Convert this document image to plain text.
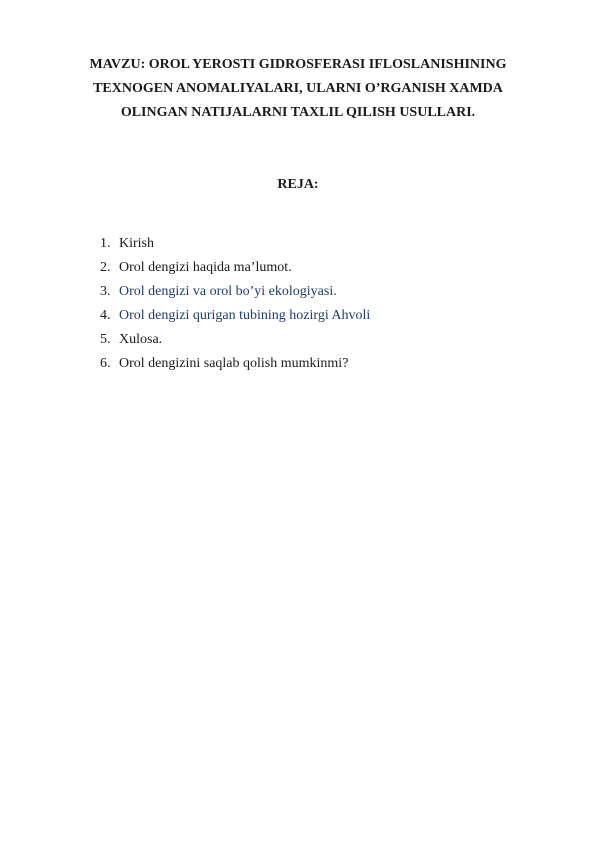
MAVZU: OROL YEROSTI GIDROSFERASI IFLOSLANISHINING
TEXNOGEN ANOMALIYALARI, ULARNI O’RGANISH XAMDA
OLINGAN NATIJALARNI TAXLIL QILISH USULLARI.
REJA:
1. Kirish
2. Orol dengizi haqida ma’lumot.
3. Orol dengizi va orol bo’yi ekologiyasi.
4. Orol dengizi qurigan tubining hozirgi Ahvoli
5. Xulosa.
6. Orol dengizini saqlab qolish mumkinmi?
